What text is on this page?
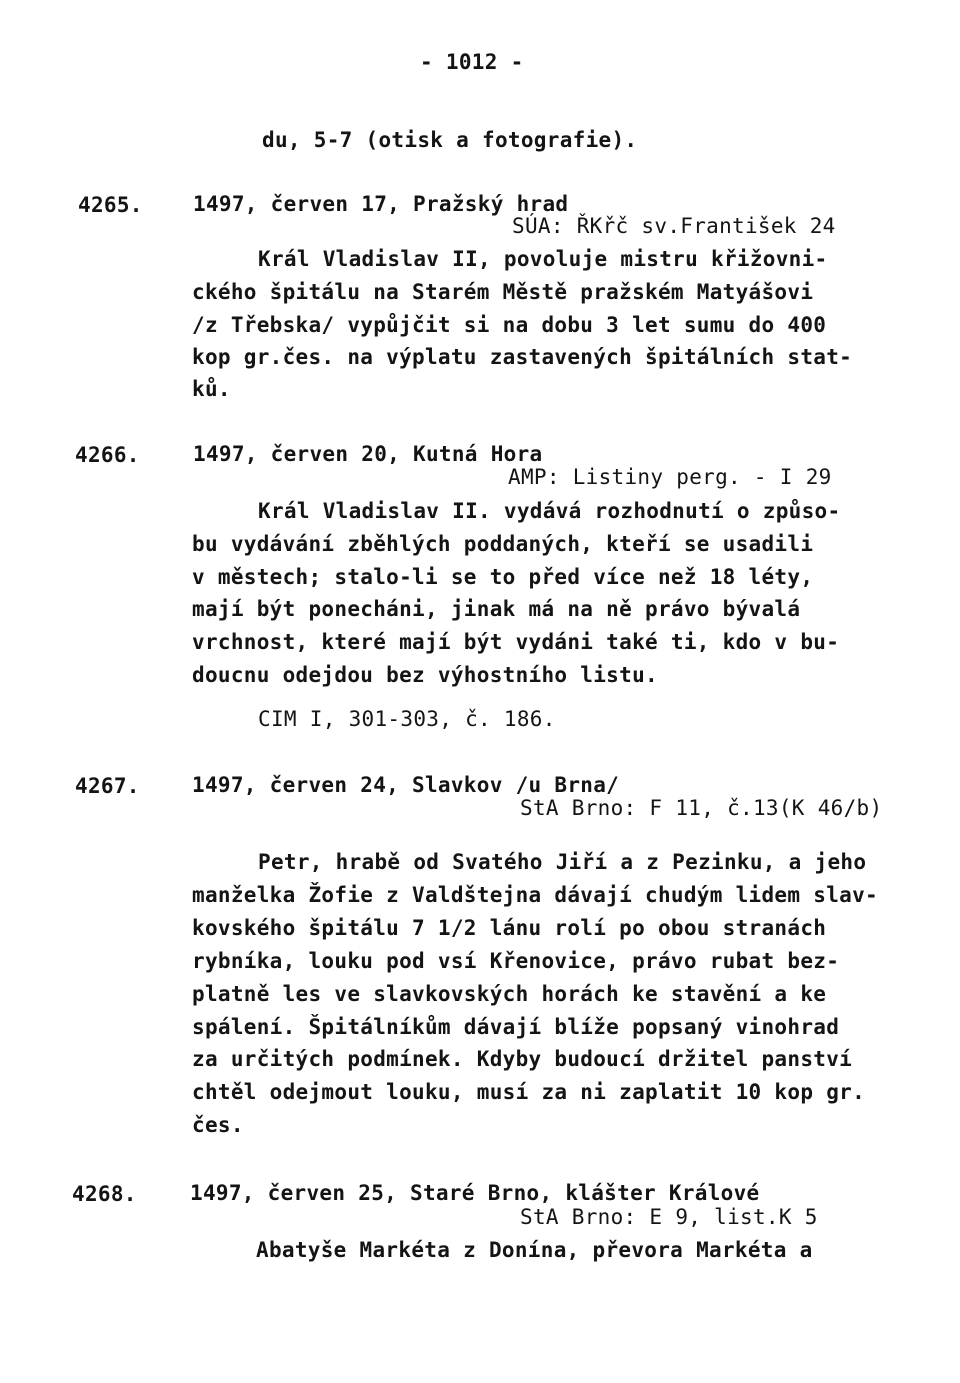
- 1012 -
du, 5-7 (otisk a fotografie).
4265. 1497, červen 17, Pražský hrad
SÚA: ŘKřč sv.František 24
Král Vladislav II, povoluje mistru křižovni-
ckého špitálu na Starém Městě pražském Matyášovi
/z Třebska/ vypůjčit si na dobu 3 let sumu do 400
kop gr.čes. na výplatu zastavených špitálních stat-
ků.
4266.	1497, červen 20, Kutná Hora
AMP: Listiny perg. - I 29
Král Vladislav II. vydává rozhodnutí o způso-
bu vydávání zběhlých poddaných, kteří se usadili
v městech; stalo-li se to před více než 18 léty,
mají být ponecháni, jinak má na ně právo bývalá
vrchnost, které mají být vydáni také ti, kdo v bu-
doucnu odejdou bez výhostního listu.
CIM I, 301-303, č. 186.
4267. 1497, červen 24, Slavkov /u Brna/
StA Brno: F 11, č.13(K 46/b)
Petr, hrabě od Svatého Jiří a z Pezinku, a jeho
manželka Žofie z Valdštejna dávají chudým lidem slav-
kovského špitálu 7 1/2 lánu rolí po obou stranách
rybníka, louku pod vsí Křenovice, právo rubat bez-
platně les ve slavkovských horách ke stavění a ke
spálení. Špitálníkům dávají blíže popsaný vinohrad
za určitých podmínek. Kdyby budoucí držitel panství
chtěl odejmout louku, musí za ni zaplatit 10 kop gr.
čes.
4268.	1497, červen 25, Staré Brno, klášter Králové
StA Brno: E 9, list.K 5
Abatyše Markéta z Donína, převora Markéta a
